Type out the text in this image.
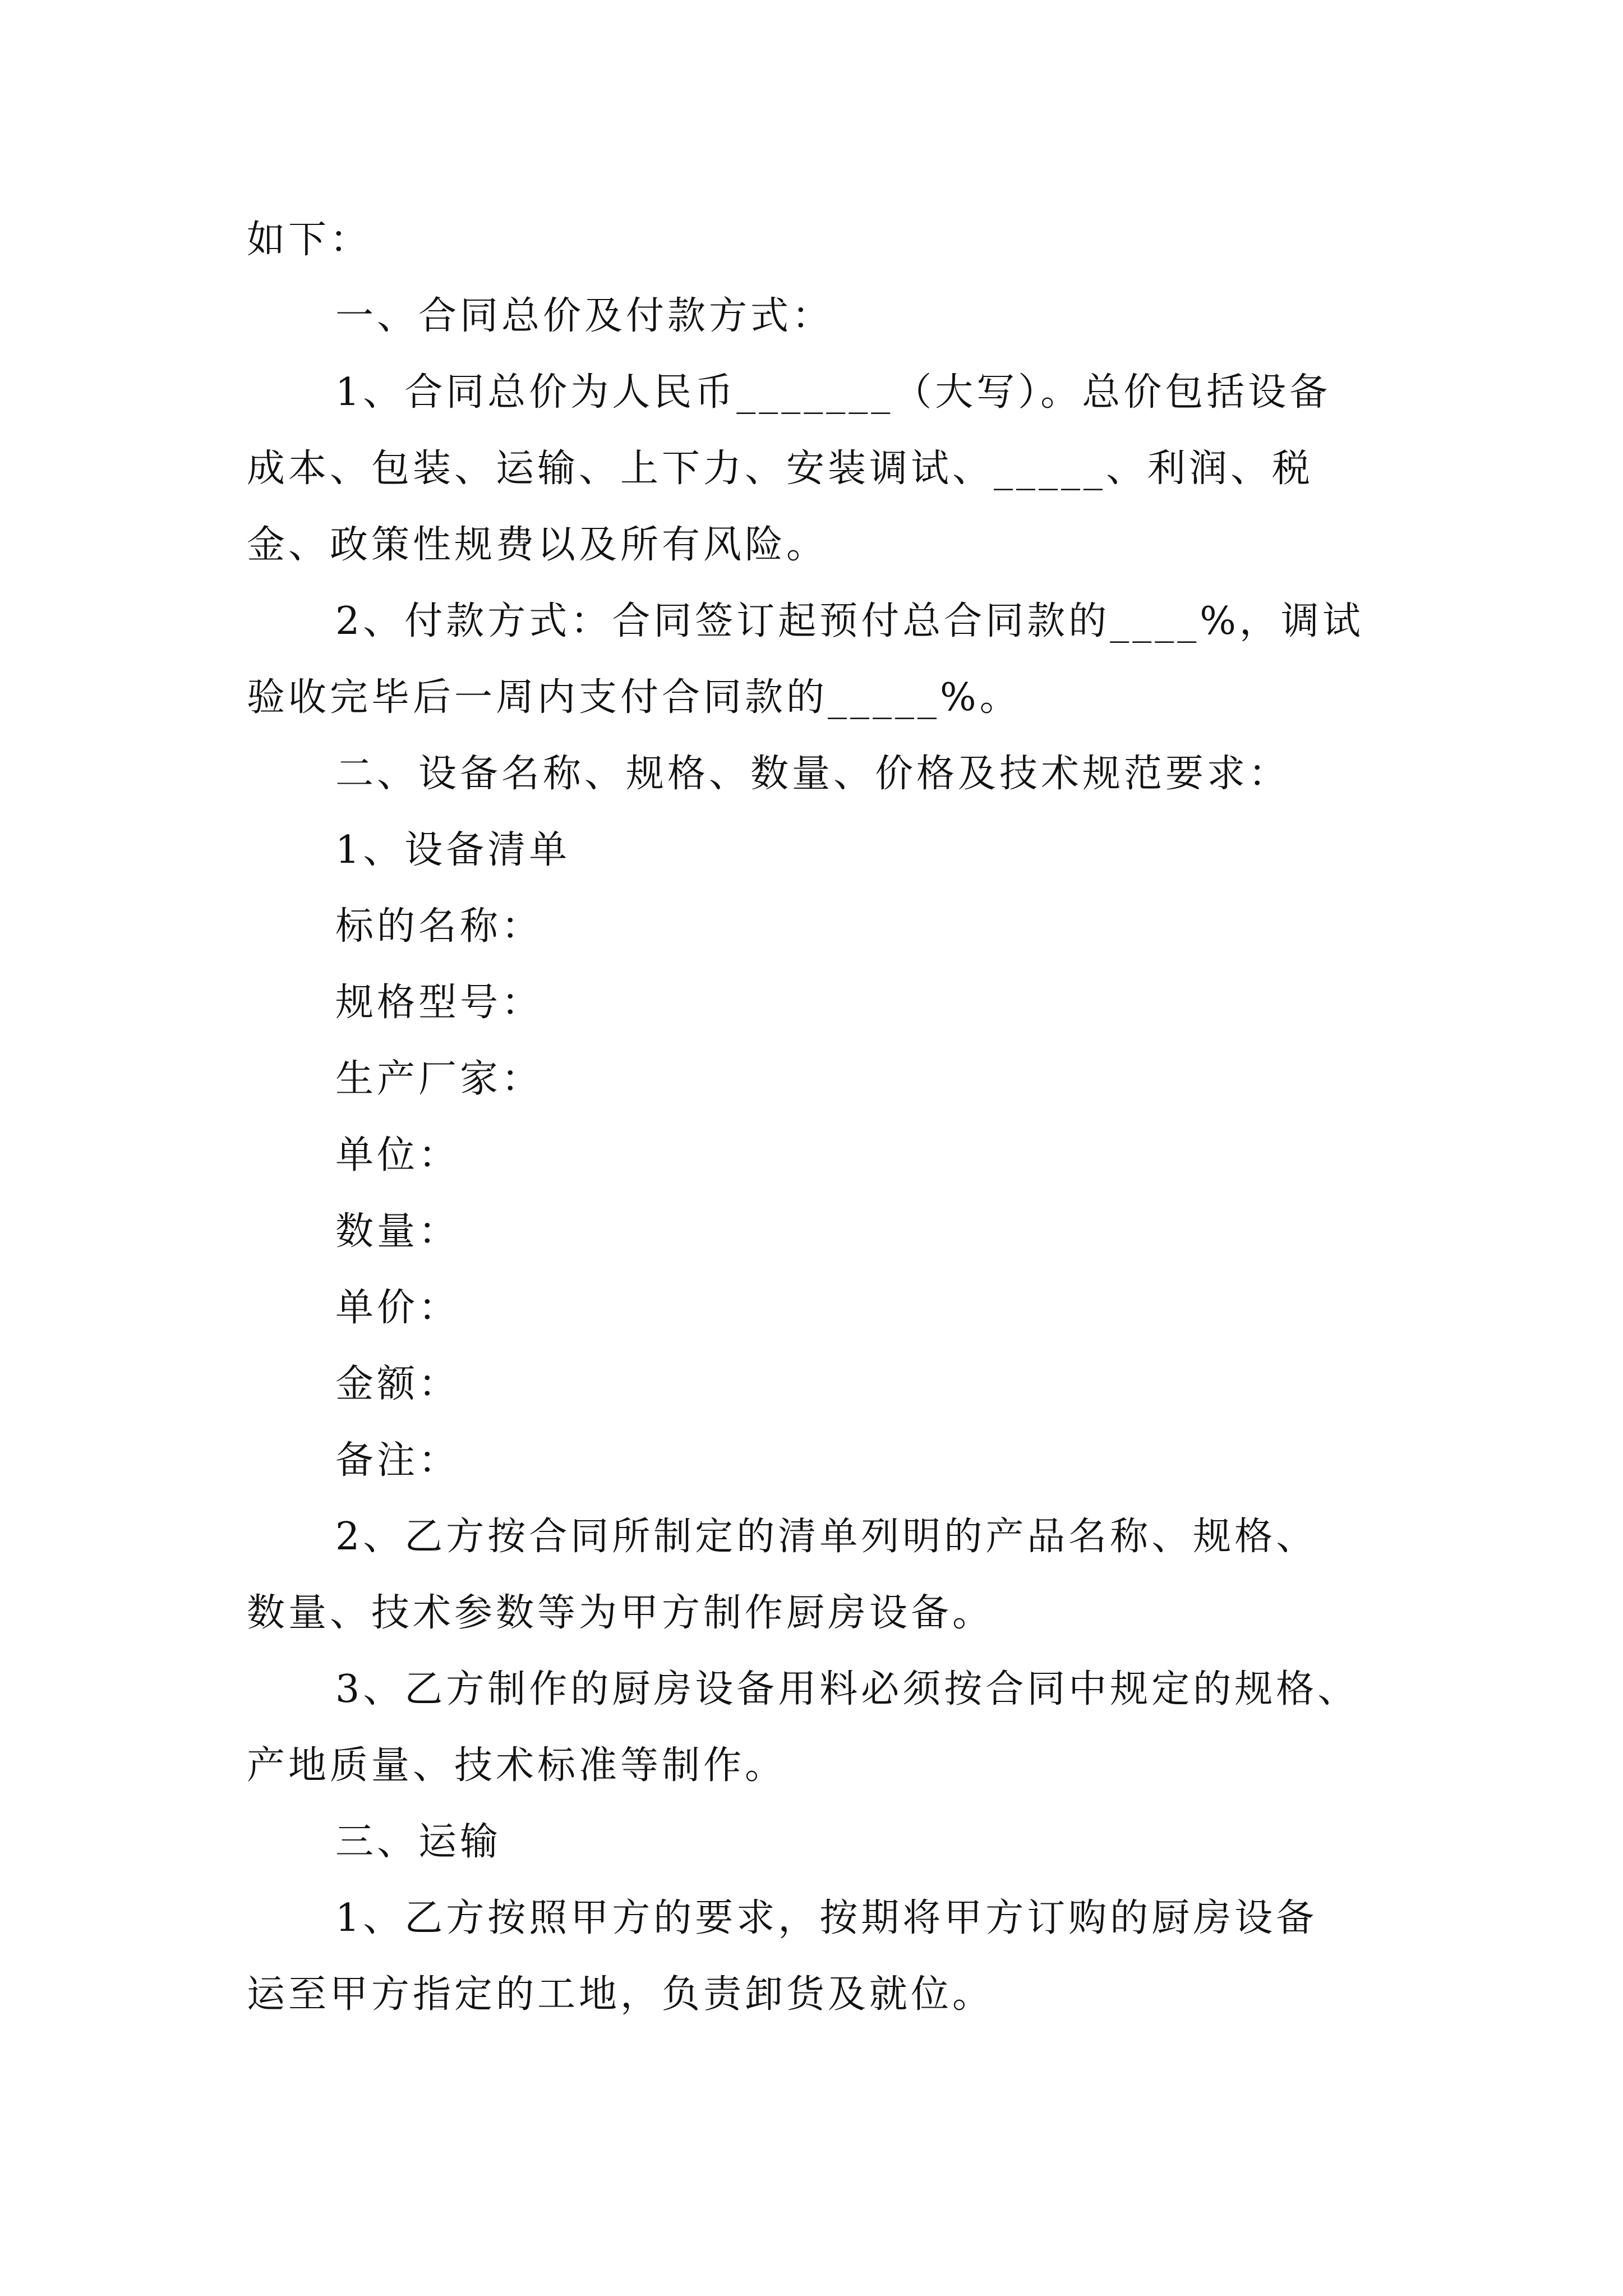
如下：
一、合同总价及付款方式：
1、合同总价为人民币_______（大写）。总价包括设备
成本、包装、运输、上下力、安装调试、_____、利润、税
金、政策性规费以及所有风险。
2、付款方式：合同签订起预付总合同款的____%，调试
验收完毕后一周内支付合同款的_____%。
二、设备名称、规格、数量、价格及技术规范要求：
1、设备清单
标的名称：
规格型号：
生产厂家：
单位：
数量：
单价：
金额：
备注：
2、乙方按合同所制定的清单列明的产品名称、规格、
数量、技术参数等为甲方制作厨房设备。
3、乙方制作的厨房设备用料必须按合同中规定的规格、
产地质量、技术标准等制作。
三、运输
1、乙方按照甲方的要求，按期将甲方订购的厨房设备
运至甲方指定的工地，负责卸货及就位。
